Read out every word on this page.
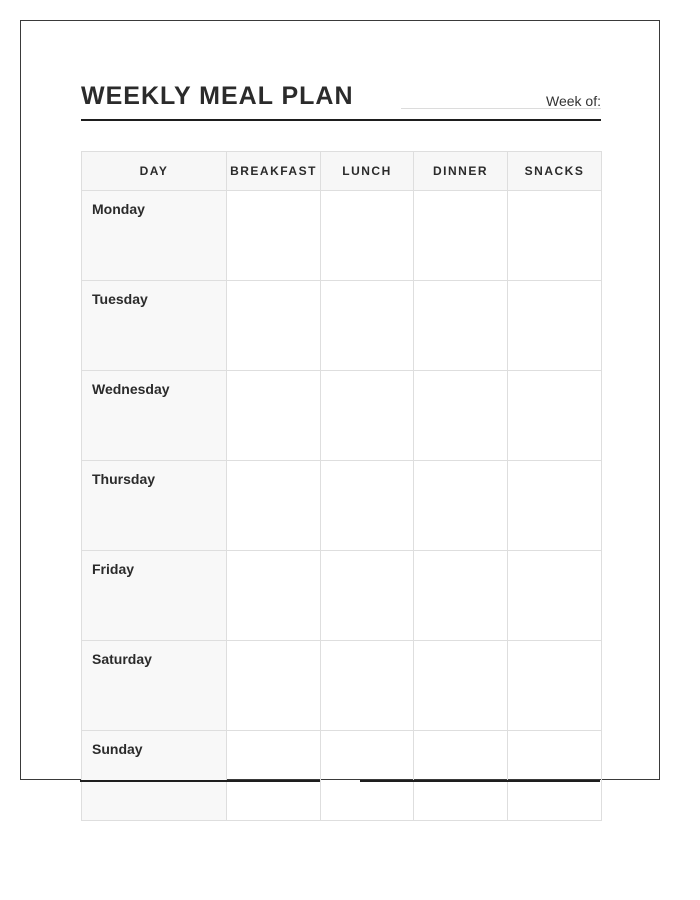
WEEKLY MEAL PLAN	Week of:
DAY	BREAKFAST	LUNCH	DINNER	SNACKS
Monday				
Tuesday				
Wednesday				
Thursday				
Friday				
Saturday				
Sunday				
